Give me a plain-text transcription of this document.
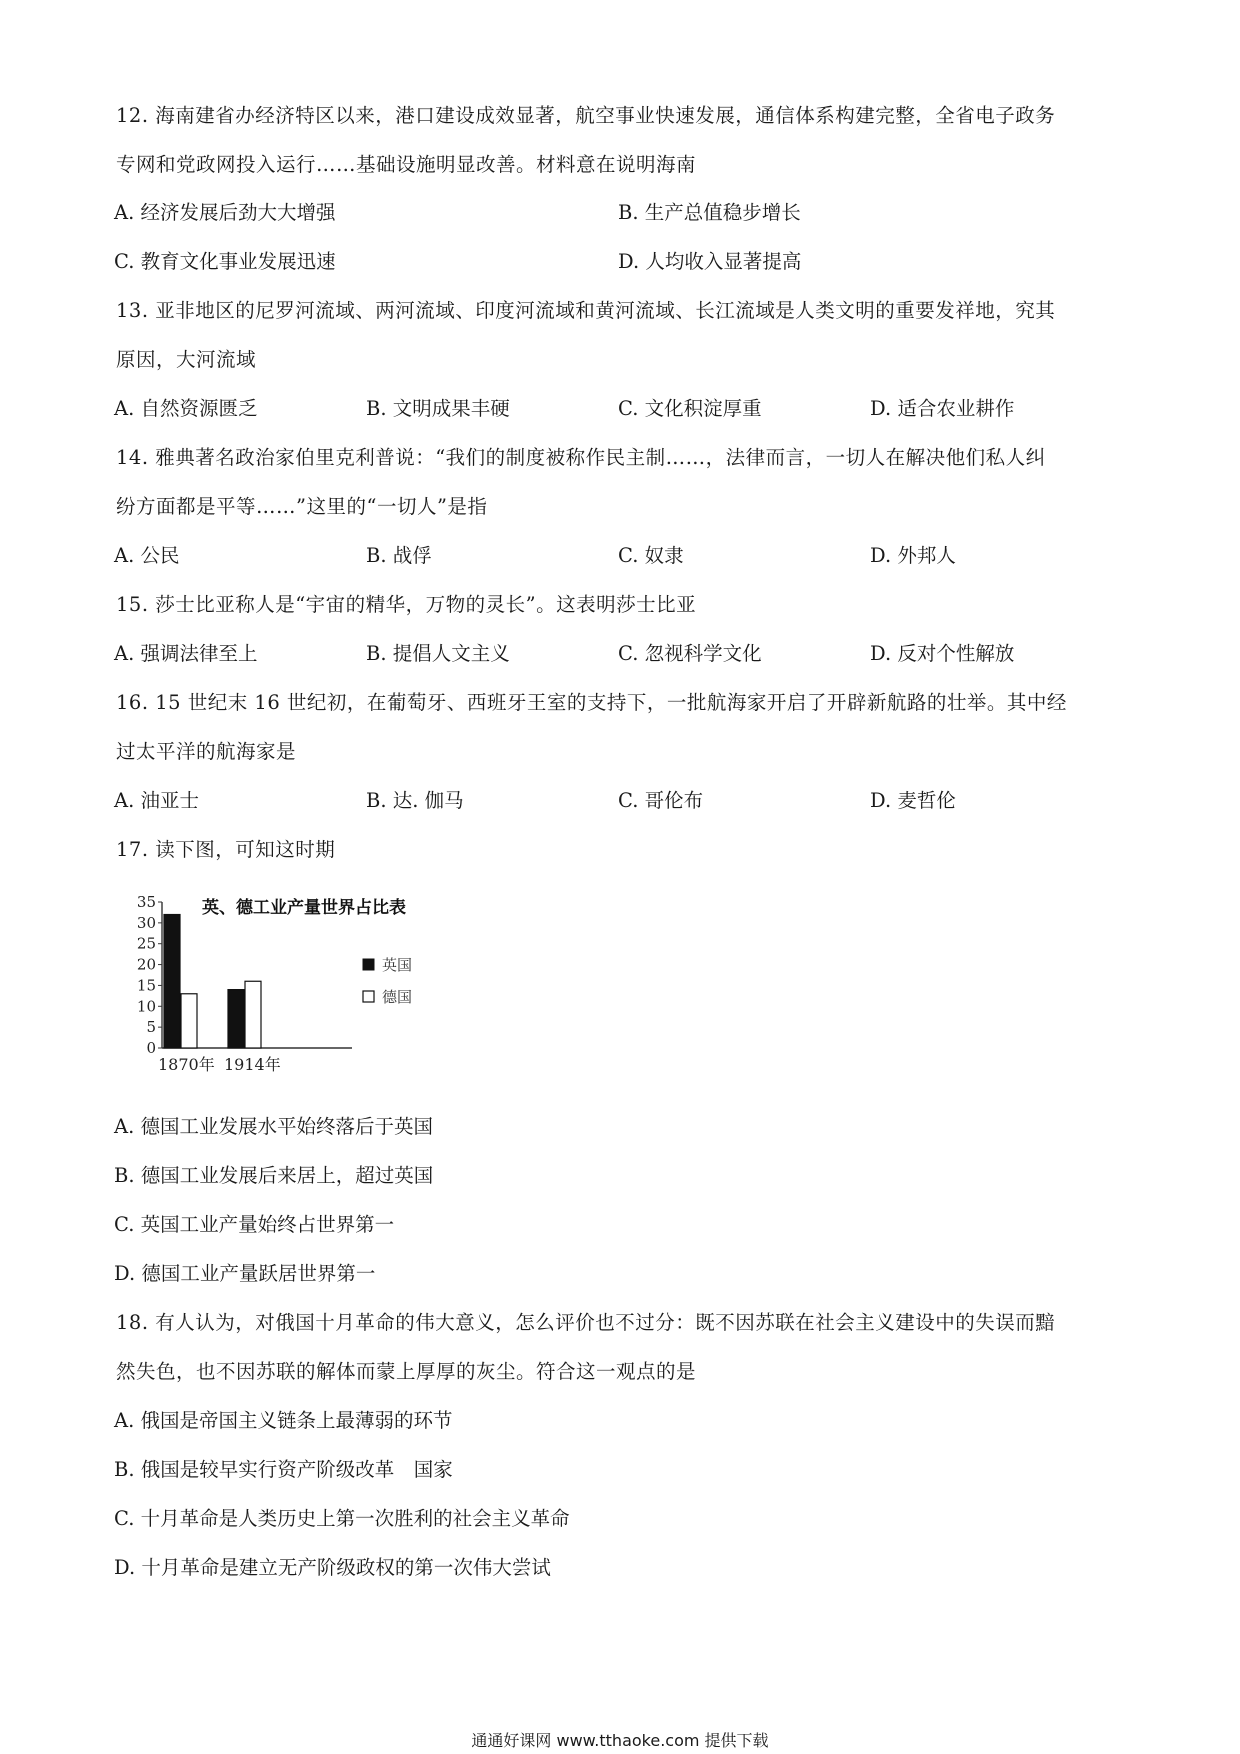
12. 海南建省办经济特区以来，港口建设成效显著，航空事业快速发展，通信体系构建完整，全省电子政务
专网和党政网投入运行……基础设施明显改善。材料意在说明海南
A. 经济发展后劲大大增强	B. 生产总值稳步增长
C. 教育文化事业发展迅速	D. 人均收入显著提高
13. 亚非地区的尼罗河流域、两河流域、印度河流域和黄河流域、长江流域是人类文明的重要发祥地，究其
原因，大河流域
A. 自然资源匮乏	B. 文明成果丰硬	C. 文化积淀厚重	D. 适合农业耕作
14. 雅典著名政治家伯里克利普说：“我们的制度被称作民主制……，法律而言，一切人在解决他们私人纠
纷方面都是平等……”这里的“一切人”是指
A. 公民	B. 战俘	C. 奴隶	D. 外邦人
15. 莎士比亚称人是“宇宙的精华，万物的灵长”。这表明莎士比亚
A. 强调法律至上	B. 提倡人文主义	C. 忽视科学文化	D. 反对个性解放
16. 15 世纪末 16 世纪初，在葡萄牙、西班牙王室的支持下，一批航海家开启了开辟新航路的壮举。其中经
过太平洋的航海家是
A. 油亚士	B. 达. 伽马	C. 哥伦布	D. 麦哲伦
17. 读下图，可知这时期
0
5
10
15
20
25
30
35
1870年 1914年
英、德工业产量世界占比表
英国
德国
A. 德国工业发展水平始终落后于英国
B. 德国工业发展后来居上，超过英国
C. 英国工业产量始终占世界第一
D. 德国工业产量跃居世界第一
18. 有人认为，对俄国十月革命的伟大意义，怎么评价也不过分：既不因苏联在社会主义建设中的失误而黯
然失色，也不因苏联的解体而蒙上厚厚的灰尘。符合这一观点的是
A. 俄国是帝国主义链条上最薄弱的环节
B. 俄国是较早实行资产阶级改革　国家
C. 十月革命是人类历史上第一次胜利的社会主义革命
D. 十月革命是建立无产阶级政权的第一次伟大尝试
通通好课网 www.tthaoke.com 提供下载
